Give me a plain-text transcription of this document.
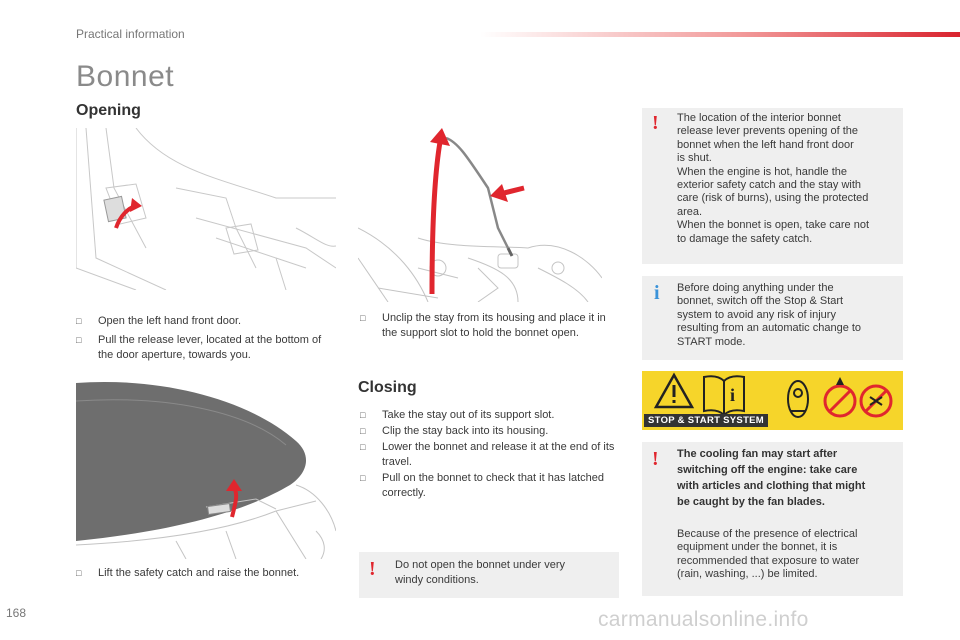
Practical information
Bonnet
Opening
□ Open the left hand front door.
□ Pull the release lever, located at the bottom of the door aperture, towards you.
□ Unclip the stay from its housing and place it in the support slot to hold the bonnet open.
Closing
□ Take the stay out of its support slot.
□ Clip the stay back into its housing.
□ Lower the bonnet and release it at the end of its travel.
□ Pull on the bonnet to check that it has latched correctly.
□ Lift the safety catch and raise the bonnet.	! Do not open the bonnet under very
windy conditions.
! The location of the interior bonnet
release lever prevents opening of the
bonnet when the left hand front door
is shut.
When the engine is hot, handle the
exterior safety catch and the stay with
care (risk of burns), using the protected
area.
When the bonnet is open, take care not
to damage the safety catch.
i Before doing anything under the
bonnet, switch off the Stop & Start
system to avoid any risk of injury
resulting from an automatic change to
START mode.
i
STOP & START SYSTEM
! The cooling fan may start after
switching off the engine: take care
with articles and clothing that might
be caught by the fan blades.
Because of the presence of electrical
equipment under the bonnet, it is
recommended that exposure to water
(rain, washing, ...) be limited.
168	carmanualsonline.info
